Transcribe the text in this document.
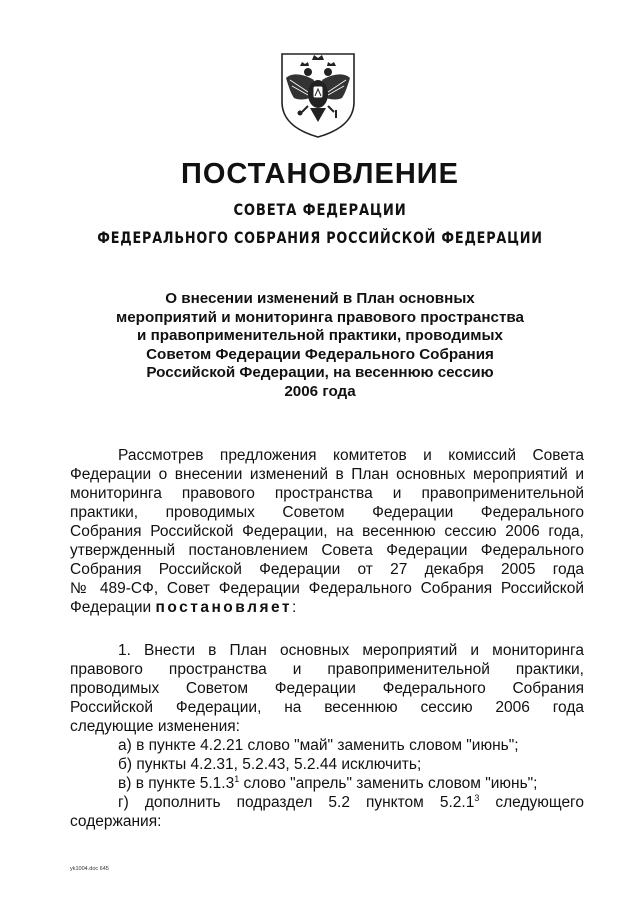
ПОСТАНОВЛЕНИЕ
СОВЕТА ФЕДЕРАЦИИ
ФЕДЕРАЛЬНОГО СОБРАНИЯ РОССИЙСКОЙ ФЕДЕРАЦИИ
О внесении изменений в План основных
мероприятий и мониторинга правового пространства
и правоприменительной практики, проводимых
Советом Федерации Федерального Собрания
Российской Федерации, на весеннюю сессию
2006 года
Рассмотрев предложения комитетов и комиссий Совета
Федерации о внесении изменений в План основных мероприятий и
мониторинга правового пространства и правоприменительной
практики, проводимых Советом Федерации Федерального
Собрания Российской Федерации, на весеннюю сессию 2006 года,
утвержденный постановлением Совета Федерации Федерального
Собрания Российской Федерации от 27 декабря 2005 года
№ 489-СФ, Совет Федерации Федерального Собрания Российской
Федерации постановляет:
1. Внести в План основных мероприятий и мониторинга
правового пространства и правоприменительной практики,
проводимых Советом Федерации Федерального Собрания
Российской Федерации, на весеннюю сессию 2006 года
следующие изменения:
а) в пункте 4.2.21 слово "май" заменить словом "июнь";
б) пункты 4.2.31, 5.2.43, 5.2.44 исключить;
в) в пункте 5.1.3$^1$ слово "апрель" заменить словом "июнь";
г) дополнить подраздел 5.2 пунктом 5.2.1$^3$ следующего
содержания:
уk1004.doc 645
